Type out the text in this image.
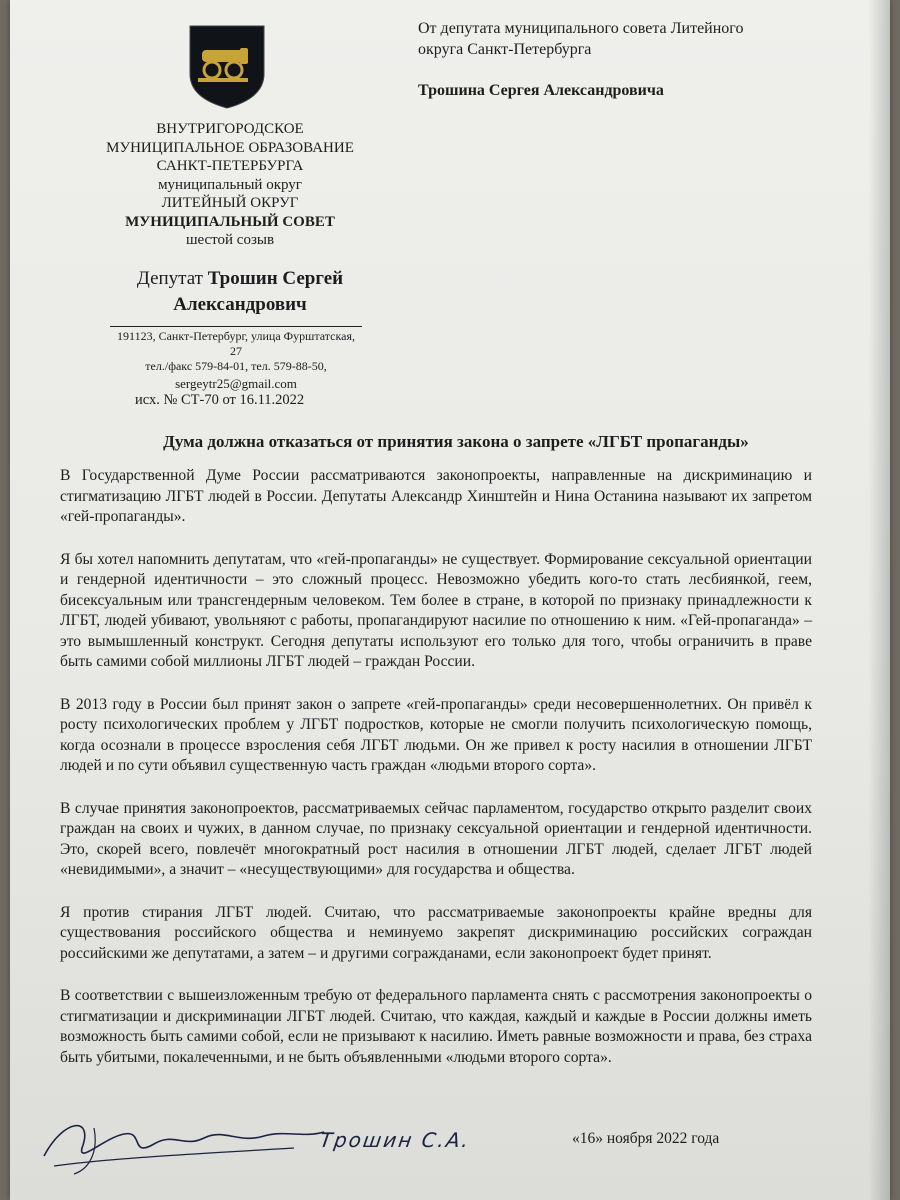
ВНУТРИГОРОДСКОЕ
МУНИЦИПАЛЬНОЕ ОБРАЗОВАНИЕ
САНКТ-ПЕТЕРБУРГА
муниципальный округ
ЛИТЕЙНЫЙ ОКРУГ
МУНИЦИПАЛЬНЫЙ СОВЕТ
шестой созыв
Депутат Трошин Сергей
Александрович
191123, Санкт-Петербург, улица Фурштатская, 27
тел./факс 579-84-01, тел. 579-88-50,
sergeytr25@gmail.com
исх. № СТ-70 от 16.11.2022
От депутата муниципального совета Литейного
округа Санкт-Петербурга
Трошина Сергея Александровича
Дума должна отказаться от принятия закона о запрете «ЛГБТ пропаганды»

В Государственной Думе России рассматриваются законопроекты, направленные на дискриминацию и стигматизацию ЛГБТ людей в России. Депутаты Александр Хинштейн и Нина Останина называют их запретом «гей-пропаганды».

Я бы хотел напомнить депутатам, что «гей-пропаганды» не существует. Формирование сексуальной ориентации и гендерной идентичности – это сложный процесс. Невозможно убедить кого-то стать лесбиянкой, геем, бисексуальным или трансгендерным человеком. Тем более в стране, в которой по признаку принадлежности к ЛГБТ, людей убивают, увольняют с работы, пропагандируют насилие по отношению к ним. «Гей-пропаганда» – это вымышленный конструкт. Сегодня депутаты используют его только для того, чтобы ограничить в праве быть самими собой миллионы ЛГБТ людей – граждан России.

В 2013 году в России был принят закон о запрете «гей-пропаганды» среди несовершеннолетних. Он привёл к росту психологических проблем у ЛГБТ подростков, которые не смогли получить психологическую помощь, когда осознали в процессе взросления себя ЛГБТ людьми. Он же привел к росту насилия в отношении ЛГБТ людей и по сути объявил существенную часть граждан «людьми второго сорта».

В случае принятия законопроектов, рассматриваемых сейчас парламентом, государство открыто разделит своих граждан на своих и чужих, в данном случае, по признаку сексуальной ориентации и гендерной идентичности. Это, скорей всего, повлечёт многократный рост насилия в отношении ЛГБТ людей, сделает ЛГБТ людей «невидимыми», а значит – «несуществующими» для государства и общества.

Я против стирания ЛГБТ людей. Считаю, что рассматриваемые законопроекты крайне вредны для существования российского общества и неминуемо закрепят дискриминацию российских сограждан российскими же депутатами, а затем – и другими согражданами, если законопроект будет принят.

В соответствии с вышеизложенным требую от федерального парламента снять с рассмотрения законопроекты о стигматизации и дискриминации ЛГБТ людей. Считаю, что каждая, каждый и каждые в России должны иметь возможность быть самими собой, если не призывают к насилию. Иметь равные возможности и права, без страха быть убитыми, покалеченными, и не быть объявленными «людьми второго сорта».

Трошин С.А.	«16» ноября 2022 года
